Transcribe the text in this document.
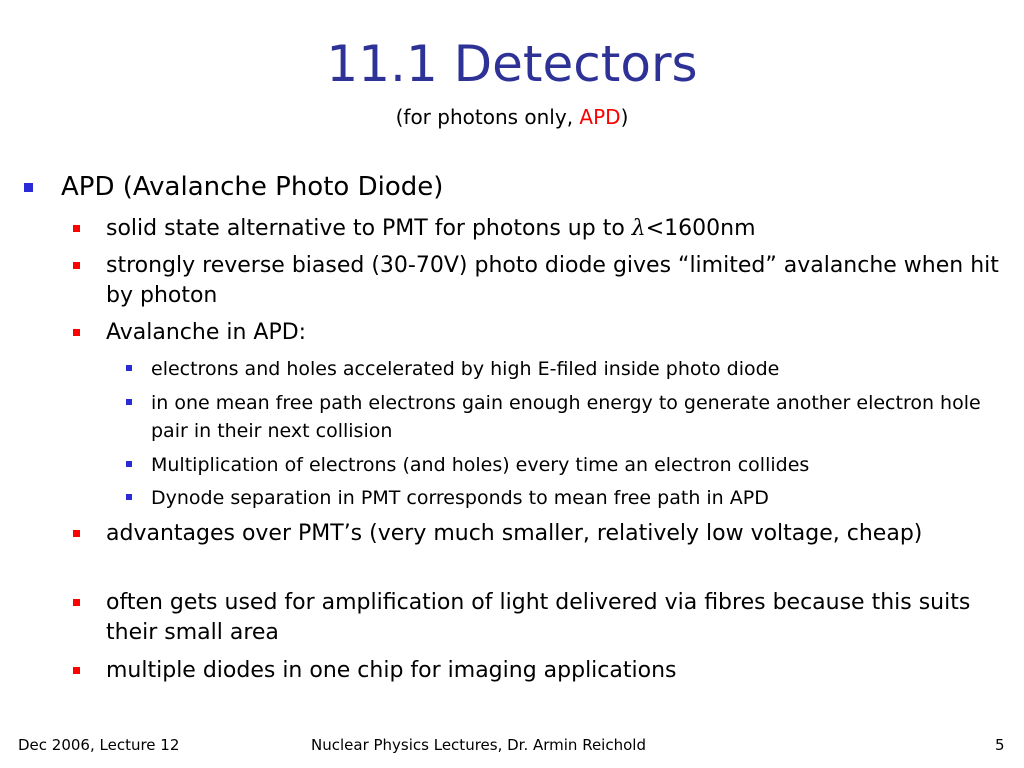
11.1 Detectors
(for photons only, APD)
APD (Avalanche Photo Diode)
solid state alternative to PMT for photons up to λ<1600nm
strongly reverse biased (30-70V) photo diode gives “limited” avalanche when hit by photon
Avalanche in APD:
electrons and holes accelerated by high E-filed inside photo diode
in one mean free path electrons gain enough energy to generate another electron hole pair in their next collision
Multiplication of electrons (and holes) every time an electron collides
Dynode separation in PMT corresponds to mean free path in APD
advantages over PMT’s (very much smaller, relatively low voltage, cheap)
often gets used for amplification of light delivered via fibres because this suits their small area
multiple diodes in one chip for imaging applications
Dec 2006, Lecture 12	Nuclear Physics Lectures, Dr. Armin Reichold	5
